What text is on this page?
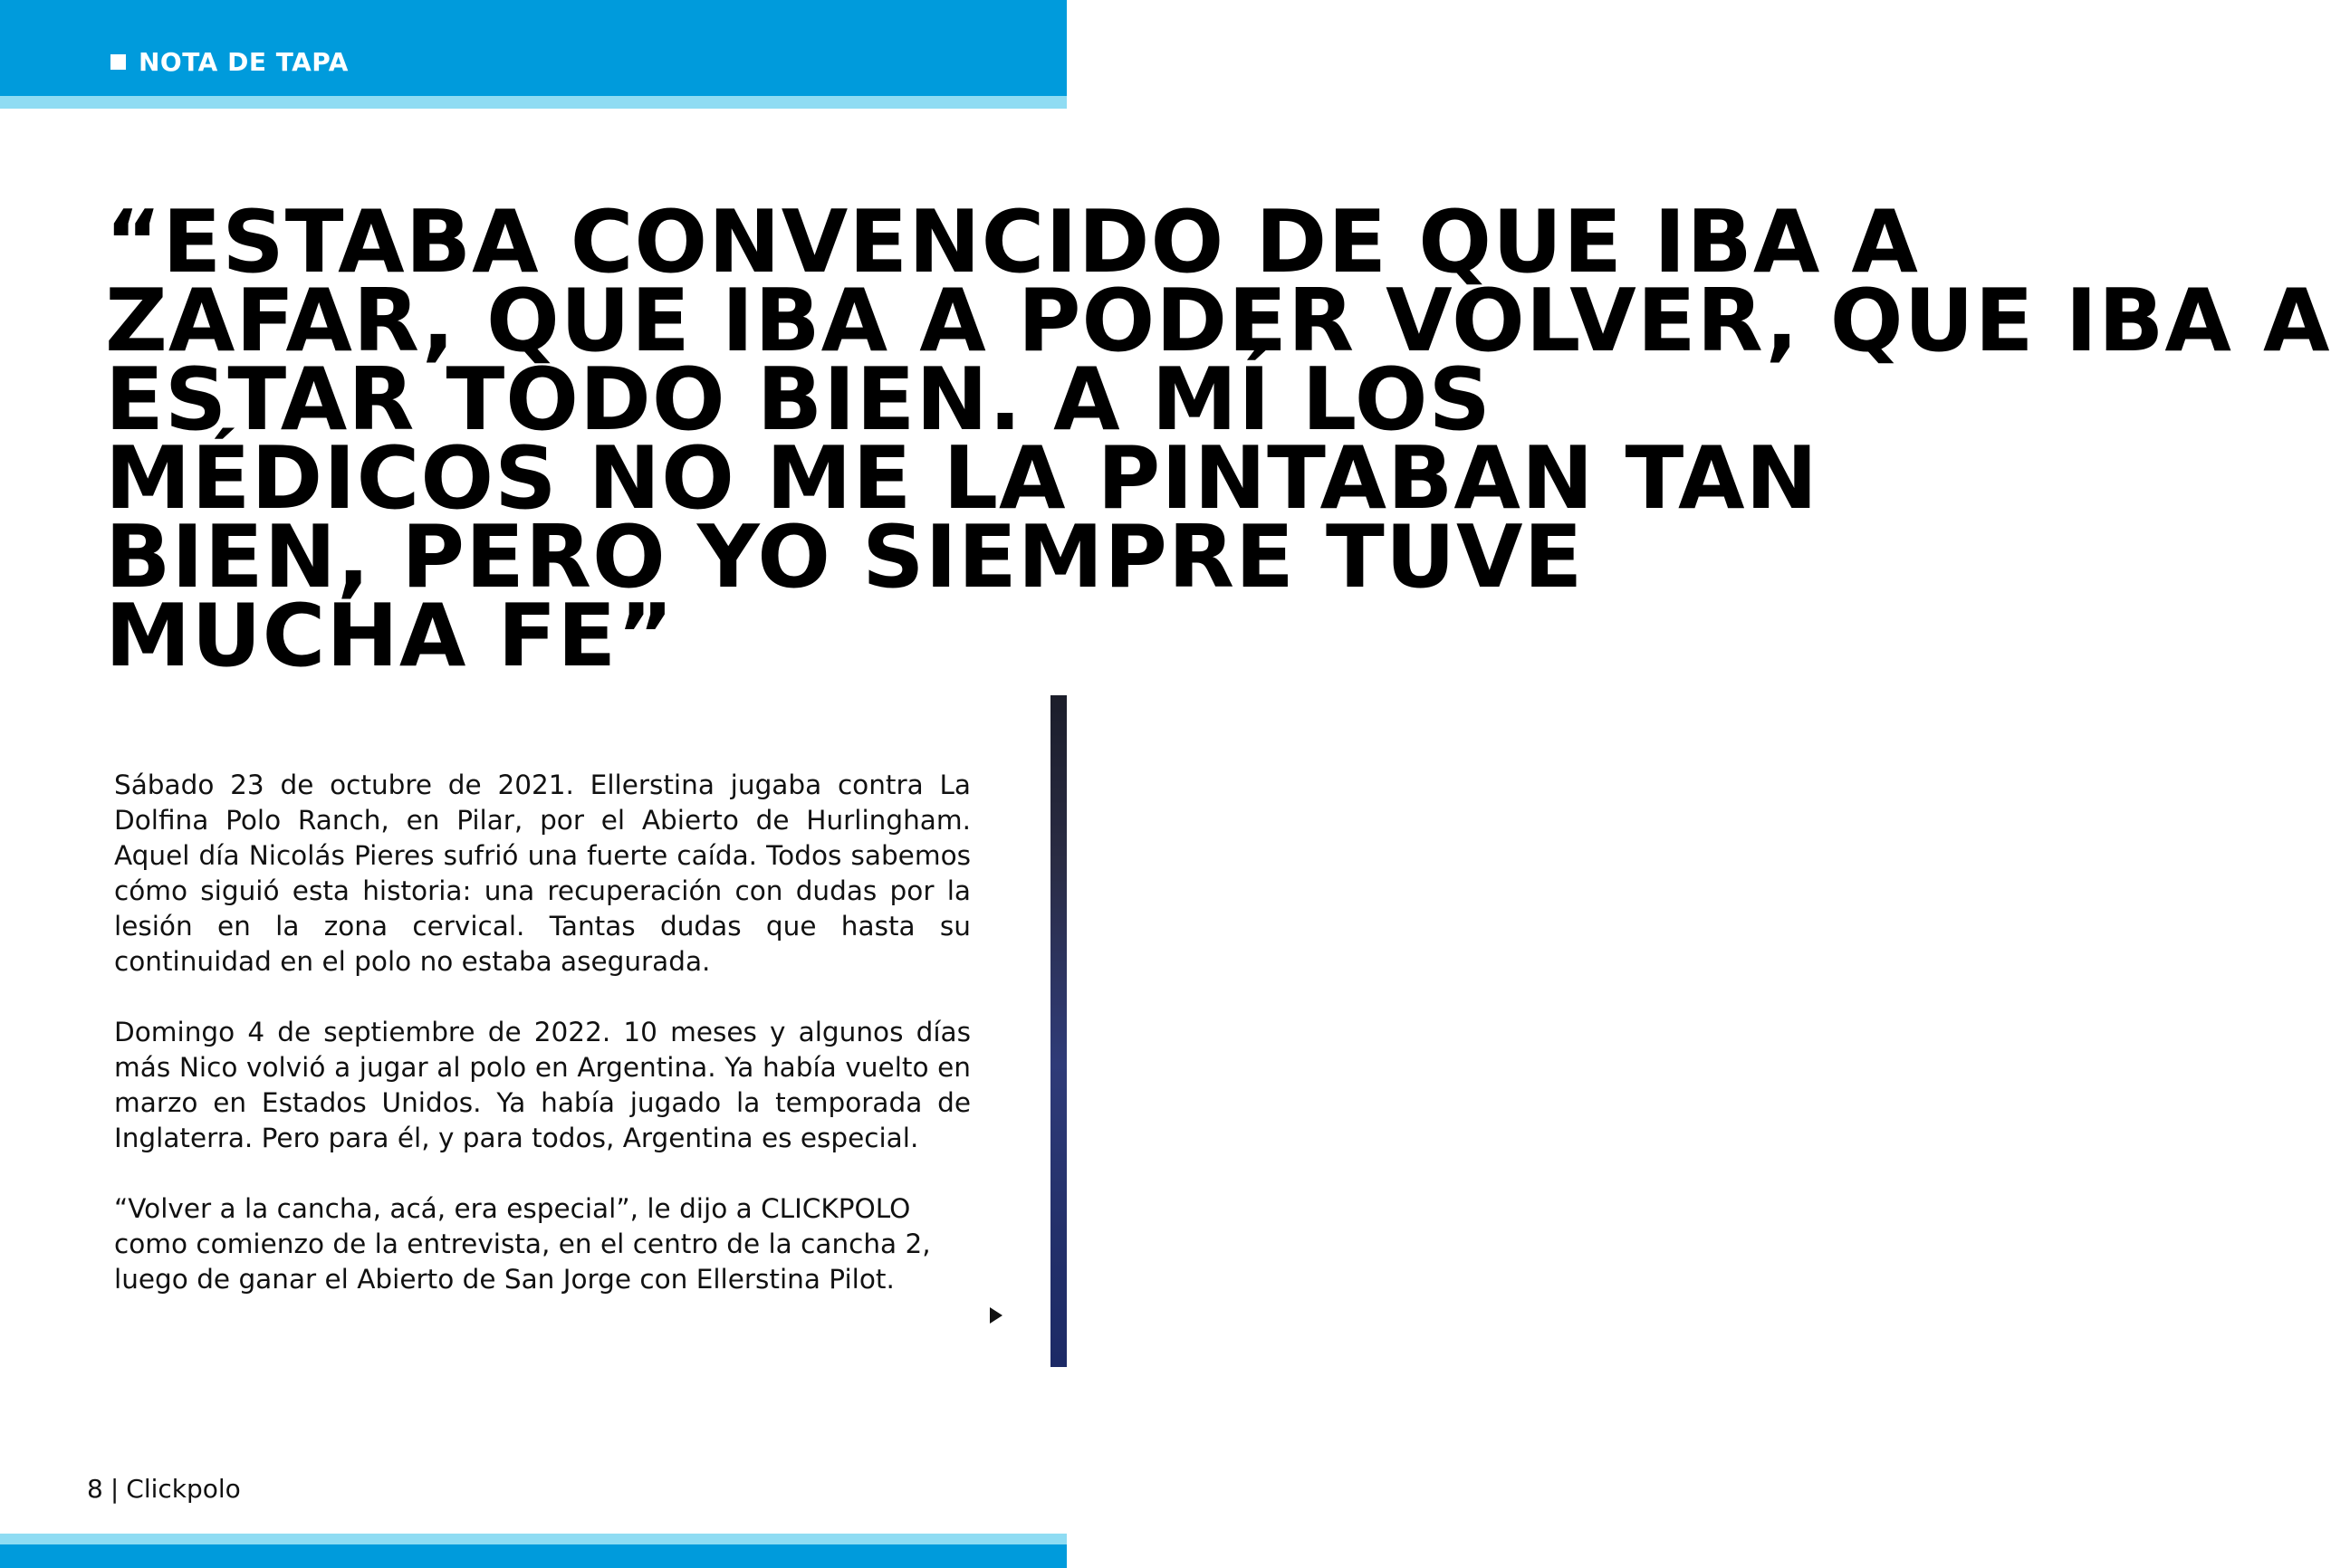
NOTA DE TAPA
“ESTABA CONVENCIDO DE QUE IBA A
ZAFAR, QUE IBA A PODER VOLVER, QUE IBA A
ESTAR TODO BIEN. A MÍ LOS
MÉDICOS NO ME LA PINTABAN TAN
BIEN, PERO YO SIEMPRE TUVE
MUCHA FE”

Sábado 23 de octubre de 2021. Ellerstina jugaba contra La Dolfina Polo Ranch, en Pilar, por el Abierto de Hurlingham. Aquel día Nicolás Pieres sufrió una fuerte caída. Todos sabemos cómo siguió esta historia: una recuperación con dudas por la lesión en la zona cervical. Tantas dudas que hasta su continuidad en el polo no estaba asegurada.

Domingo 4 de septiembre de 2022. 10 meses y algunos días más Nico volvió a jugar al polo en Argentina. Ya había vuelto en marzo en Estados Unidos. Ya había jugado la temporada de Inglaterra. Pero para él, y para todos, Argentina es especial.

“Volver a la cancha, acá, era especial”, le dijo a CLICKPOLO como comienzo de la entrevista, en el centro de la cancha 2, luego de ganar el Abierto de San Jorge con Ellerstina Pilot.

8 | Clickpolo
